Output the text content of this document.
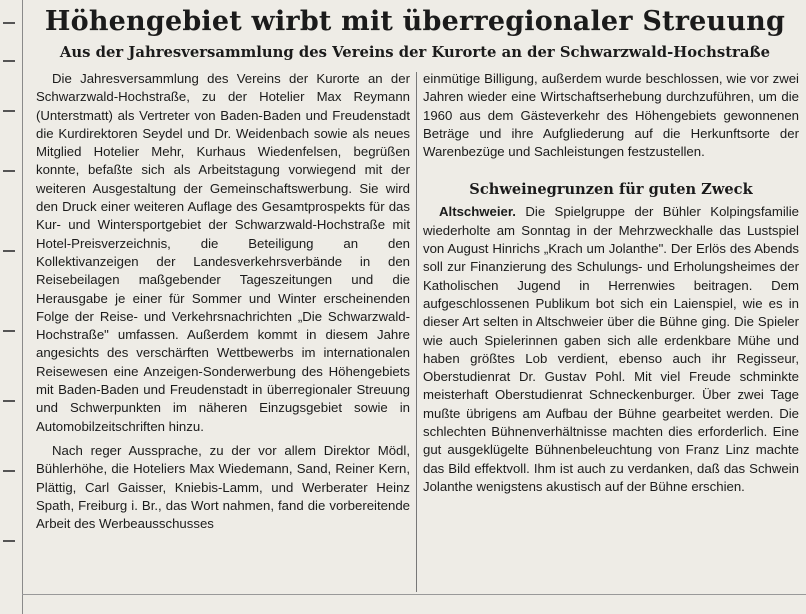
Höhengebiet wirbt mit überregionaler Streuung
Aus der Jahresversammlung des Vereins der Kurorte an der Schwarzwald-Hochstraße

Die Jahresversammlung des Vereins der Kurorte an der Schwarzwald-Hochstraße, zu der Hotelier Max Reymann (Unterstmatt) als Vertreter von Baden-Baden und Freudenstadt die Kurdirektoren Seydel und Dr. Weidenbach sowie als neues Mitglied Hotelier Mehr, Kurhaus Wiedenfelsen, begrüßen konnte, befaßte sich als Arbeitstagung vorwiegend mit der weiteren Ausgestaltung der Gemeinschaftswerbung. Sie wird den Druck einer weiteren Auflage des Gesamtprospekts für das Kur- und Wintersportgebiet der Schwarzwald-Hochstraße mit Hotel-Preisverzeichnis, die Beteiligung an den Kollektivanzeigen der Landesverkehrsverbände in den Reisebeilagen maßgebender Tageszeitungen und die Herausgabe je einer für Sommer und Winter erscheinenden Folge der Reise- und Verkehrsnachrichten „Die Schwarzwald-Hochstraße" umfassen. Außerdem kommt in diesem Jahre angesichts des verschärften Wettbewerbs im internationalen Reisewesen eine Anzeigen-Sonderwerbung des Höhengebiets mit Baden-Baden und Freudenstadt in überregionaler Streuung und Schwerpunkten im näheren Einzugsgebiet sowie in Automobilzeitschriften hinzu.

Nach reger Aussprache, zu der vor allem Direktor Mödl, Bühlerhöhe, die Hoteliers Max Wiedemann, Sand, Reiner Kern, Plättig, Carl Gaisser, Kniebis-Lamm, und Werberater Heinz Spath, Freiburg i. Br., das Wort nahmen, fand die vorbereitende Arbeit des Werbeausschusses

einmütige Billigung, außerdem wurde beschlossen, wie vor zwei Jahren wieder eine Wirtschaftserhebung durchzuführen, um die 1960 aus dem Gästeverkehr des Höhengebiets gewonnenen Beträge und ihre Aufgliederung auf die Herkunftsorte der Warenbezüge und Sachleistungen festzustellen.

Schweinegrunzen für guten Zweck

Altschweier. Die Spielgruppe der Bühler Kolpingsfamilie wiederholte am Sonntag in der Mehrzweckhalle das Lustspiel von August Hinrichs „Krach um Jolanthe". Der Erlös des Abends soll zur Finanzierung des Schulungs- und Erholungsheimes der Katholischen Jugend in Herrenwies beitragen. Dem aufgeschlossenen Publikum bot sich ein Laienspiel, wie es in dieser Art selten in Altschweier über die Bühne ging. Die Spieler wie auch Spielerinnen gaben sich alle erdenkbare Mühe und haben größtes Lob verdient, ebenso auch ihr Regisseur, Oberstudienrat Dr. Gustav Pohl. Mit viel Freude schminkte meisterhaft Oberstudienrat Schneckenburger. Über zwei Tage mußte übrigens am Aufbau der Bühne gearbeitet werden. Die schlechten Bühnenverhältnisse machten dies erforderlich. Eine gut ausgeklügelte Bühnenbeleuchtung von Franz Linz machte das Bild effektvoll. Ihm ist auch zu verdanken, daß das Schwein Jolanthe wenigstens akustisch auf der Bühne erschien.
